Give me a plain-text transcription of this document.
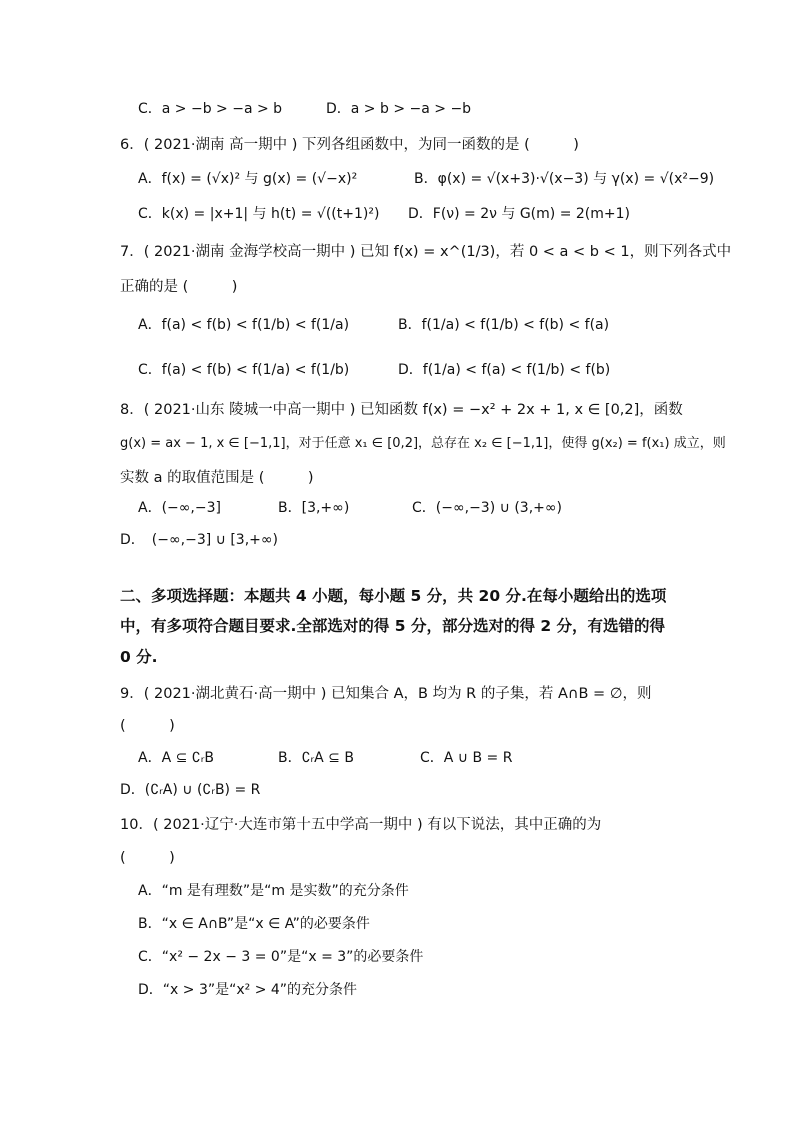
C．a > −b > −a > b	D．a > b > −a > −b
6．( 2021·湖南 高一期中 ) 下列各组函数中，为同一函数的是 (　　　)
A．f(x) = (√x)² 与 g(x) = (√−x)²	B．φ(x) = √(x+3)·√(x−3) 与 γ(x) = √(x²−9)
C．k(x) = |x+1| 与 h(t) = √((t+1)²) D．F(ν) = 2ν 与 G(m) = 2(m+1)
7．( 2021·湖南 金海学校高一期中 ) 已知 f(x) = x^(1/3)，若 0 < a < b < 1，则下列各式中
正确的是 (　　　)
A．f(a) < f(b) < f(1/b) < f(1/a)	B．f(1/a) < f(1/b) < f(b) < f(a)
C．f(a) < f(b) < f(1/a) < f(1/b)	D．f(1/a) < f(a) < f(1/b) < f(b)
8．( 2021·山东 陵城一中高一期中 ) 已知函数 f(x) = −x² + 2x + 1, x ∈ [0,2]，函数
g(x) = ax − 1, x ∈ [−1,1]，对于任意 x₁ ∈ [0,2]，总存在 x₂ ∈ [−1,1]，使得 g(x₂) = f(x₁) 成立，则
实数 a 的取值范围是 (　　　)
A．(−∞,−3]	B．[3,+∞)	C．(−∞,−3) ∪ (3,+∞)
D．　(−∞,−3] ∪ [3,+∞)
二、多项选择题：本题共 4 小题，每小题 5 分，共 20 分.在每小题给出的选项
中，有多项符合题目要求.全部选对的得 5 分，部分选对的得 2 分，有选错的得
0 分.
9．( 2021·湖北黄石·高一期中 ) 已知集合 A，B 均为 R 的子集，若 A∩B = ∅，则
(　　　)
A．A ⊆ ∁ᵣB	B．∁ᵣA ⊆ B	C．A ∪ B = R
D．(∁ᵣA) ∪ (∁ᵣB) = R
10．( 2021·辽宁·大连市第十五中学高一期中 ) 有以下说法，其中正确的为
(　　　)
A．“m 是有理数”是“m 是实数”的充分条件
B．“x ∈ A∩B”是“x ∈ A”的必要条件
C．“x² − 2x − 3 = 0”是“x = 3”的必要条件
D．“x > 3”是“x² > 4”的充分条件
